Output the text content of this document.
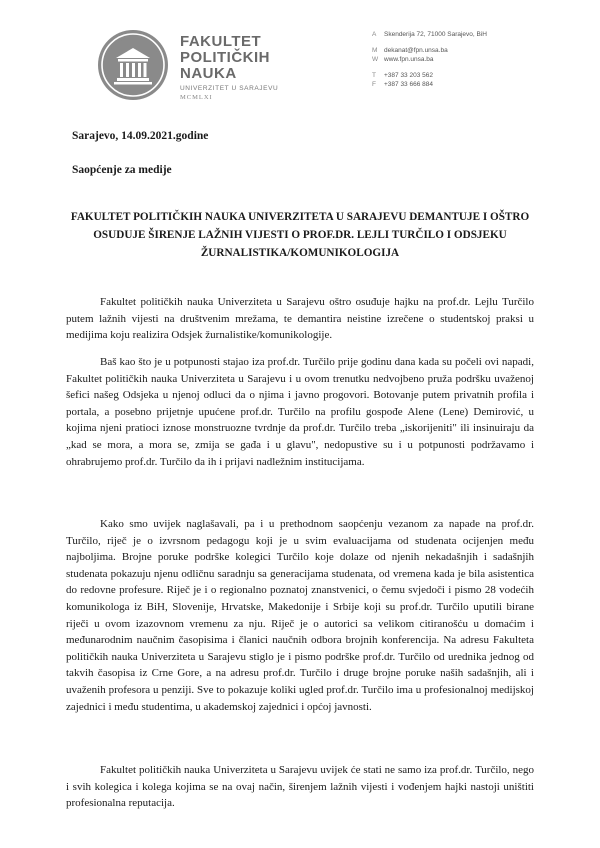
FAKULTET
POLITIČKIH
NAUKA
UNIVERZITET U SARAJEVU
MCMLXI
A	Skenderija 72, 71000 Sarajevo, BiH
M	dekanat@fpn.unsa.ba
W www.fpn.unsa.ba
T	+387 33 203 562
F	+387 33 666 884
Sarajevo, 14.09.2021.godine
Saopćenje za medije
FAKULTET POLITIČKIH NAUKA UNIVERZITETA U SARAJEVU DEMANTUJE I OŠTRO OSUDUJE ŠIRENJE LAŽNIH VIJESTI O PROF.DR. LEJLI TURČILO I ODSJEKU ŽURNALISTIKA/KOMUNIKOLOGIJA
Fakultet političkih nauka Univerziteta u Sarajevu oštro osuđuje hajku na prof.dr. Lejlu Turčilo putem lažnih vijesti na društvenim mrežama, te demantira neistine izrečene o studentskoj praksi u medijima koju realizira Odsjek žurnalistike/komunikologije.
Baš kao što je u potpunosti stajao iza prof.dr. Turčilo prije godinu dana kada su počeli ovi napadi, Fakultet političkih nauka Univerziteta u Sarajevu i u ovom trenutku nedvojbeno pruža podršku uvaženoj šefici našeg Odsjeka u njenoj odluci da o njima i javno progovori. Botovanje putem privatnih profila i portala, a posebno prijetnje upućene prof.dr. Turčilo na profilu gospođe Alene (Lene) Demirović, u kojima njeni pratioci iznose monstruozne tvrdnje da prof.dr. Turčilo treba „iskorijeniti" ili insinuiraju da „kad se mora, a mora se, zmija se gađa i u glavu", nedopustive su i u potpunosti podržavamo i ohrabrujemo prof.dr. Turčilo da ih i prijavi nadležnim institucijama.
Kako smo uvijek naglašavali, pa i u prethodnom saopćenju vezanom za napade na prof.dr. Turčilo, riječ je o izvrsnom pedagogu koji je u svim evaluacijama od studenata ocijenjen među najboljima. Brojne poruke podrške kolegici Turčilo koje dolaze od njenih nekadašnjih i sadašnjih studenata pokazuju njenu odličnu saradnju sa generacijama studenata, od vremena kada je bila asistentica do redovne profesure. Riječ je i o regionalno poznatoj znanstvenici, o čemu svjedoči i pismo 28 vodećih komunikologa iz BiH, Slovenije, Hrvatske, Makedonije i Srbije koji su prof.dr. Turčilo uputili birane riječi u ovom izazovnom vremenu za nju. Riječ je o autorici sa velikom citiranošću u domaćim i međunarodnim naučnim časopisima i članici naučnih odbora brojnih konferencija. Na adresu Fakulteta političkih nauka Univerziteta u Sarajevu stiglo je i pismo podrške prof.dr. Turčilo od urednika jednog od takvih časopisa iz Crne Gore, a na adresu prof.dr. Turčilo i druge brojne poruke naših sadašnjih, ali i uvaženih profesora u penziji. Sve to pokazuje koliki ugled prof.dr. Turčilo ima u profesionalnoj medijskoj zajednici i među studentima, u akademskoj zajednici i općoj javnosti.
Fakultet političkih nauka Univerziteta u Sarajevu uvijek će stati ne samo iza prof.dr. Turčilo, nego i svih kolegica i kolega kojima se na ovaj način, širenjem lažnih vijesti i vođenjem hajki nastoji uništiti profesionalna reputacija.
